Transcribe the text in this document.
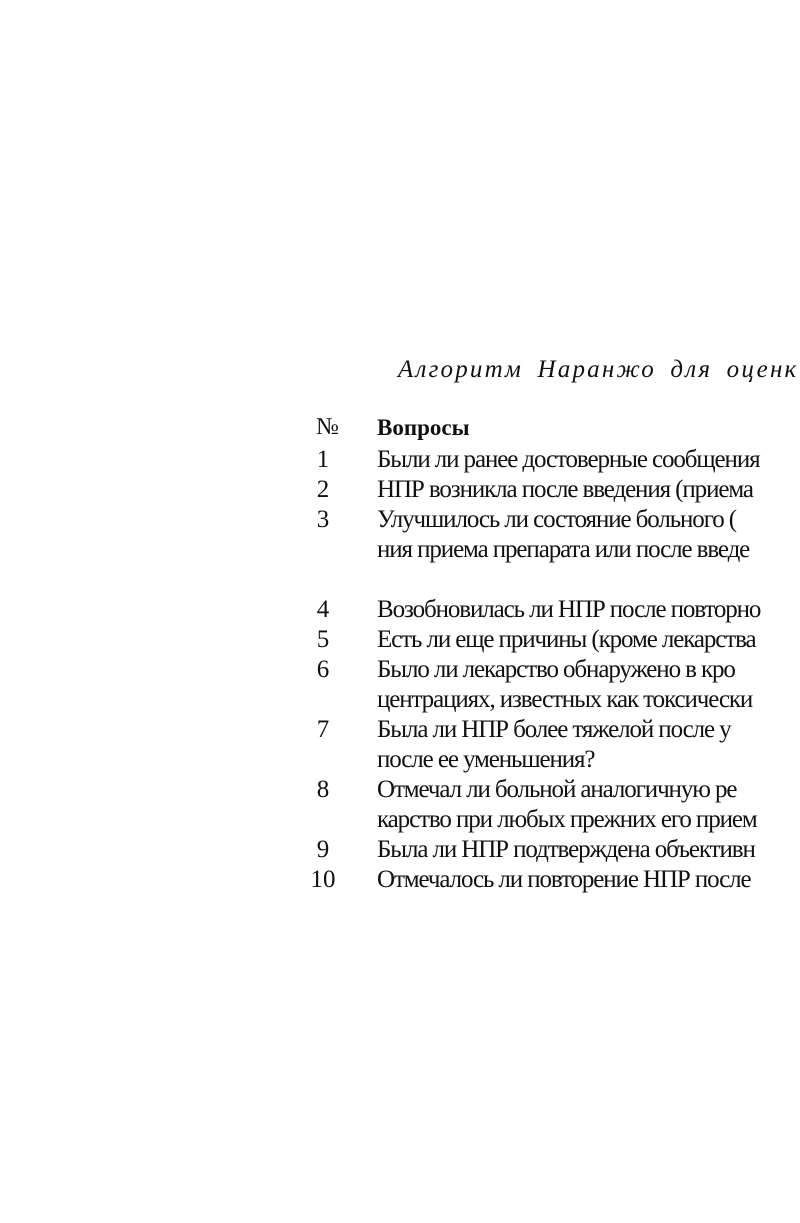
Алгоритм Наранжо для оценк
№ Вопросы
1	Были ли ранее достоверные сообщения
2	НПР возникла после введения (приема
3	Улучшилось ли состояние больного (
ния приема препарата или после введе
4	Возобновилась ли НПР после повторно
5	Есть ли еще причины (кроме лекарства
6	Было ли лекарство обнаружено в кро
центрациях, известных как токсически
7	Была ли НПР более тяжелой после у
после ее уменьшения?
8	Отмечал ли больной аналогичную ре
карство при любых прежних его прием
9	Была ли НПР подтверждена объективн
10	Отмечалось ли повторение НПР после
